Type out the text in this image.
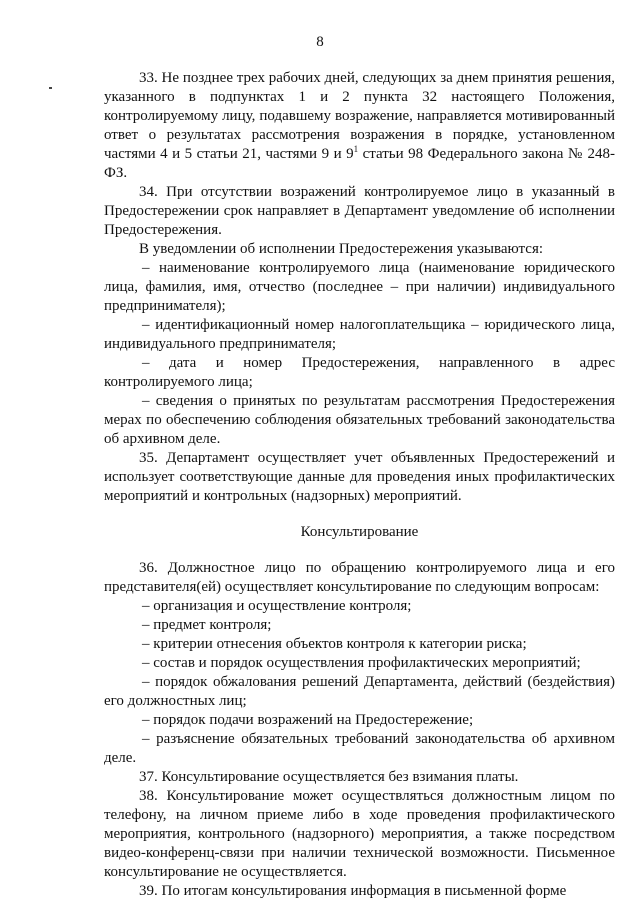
8

33. Не позднее трех рабочих дней, следующих за днем принятия решения, указанного в подпунктах 1 и 2 пункта 32 настоящего Положения, контролируемому лицу, подавшему возражение, направляется мотивированный ответ о результатах рассмотрения возражения в порядке, установленном частями 4 и 5 статьи 21, частями 9 и $9^1$ статьи 98 Федерального закона № 248-ФЗ.

34. При отсутствии возражений контролируемое лицо в указанный в Предостережении срок направляет в Департамент уведомление об исполнении Предостережения.

В уведомлении об исполнении Предостережения указываются:

– наименование контролируемого лица (наименование юридического лица, фамилия, имя, отчество (последнее – при наличии) индивидуального предпринимателя);

– идентификационный номер налогоплательщика – юридического лица, индивидуального предпринимателя;

– дата и номер Предостережения, направленного в адрес контролируемого лица;

– сведения о принятых по результатам рассмотрения Предостережения мерах по обеспечению соблюдения обязательных требований законодательства об архивном деле.

35. Департамент осуществляет учет объявленных Предостережений и использует соответствующие данные для проведения иных профилактических мероприятий и контрольных (надзорных) мероприятий.

Консультирование

36. Должностное лицо по обращению контролируемого лица и его представителя(ей) осуществляет консультирование по следующим вопросам:

– организация и осуществление контроля;

– предмет контроля;

– критерии отнесения объектов контроля к категории риска;

– состав и порядок осуществления профилактических мероприятий;

– порядок обжалования решений Департамента, действий (бездействия) его должностных лиц;

– порядок подачи возражений на Предостережение;

– разъяснение обязательных требований законодательства об архивном деле.

37. Консультирование осуществляется без взимания платы.

38. Консультирование может осуществляться должностным лицом по телефону, на личном приеме либо в ходе проведения профилактического мероприятия, контрольного (надзорного) мероприятия, а также посредством видео-конференц-связи при наличии технической возможности. Письменное консультирование не осуществляется.

39. По итогам консультирования информация в письменной форме
